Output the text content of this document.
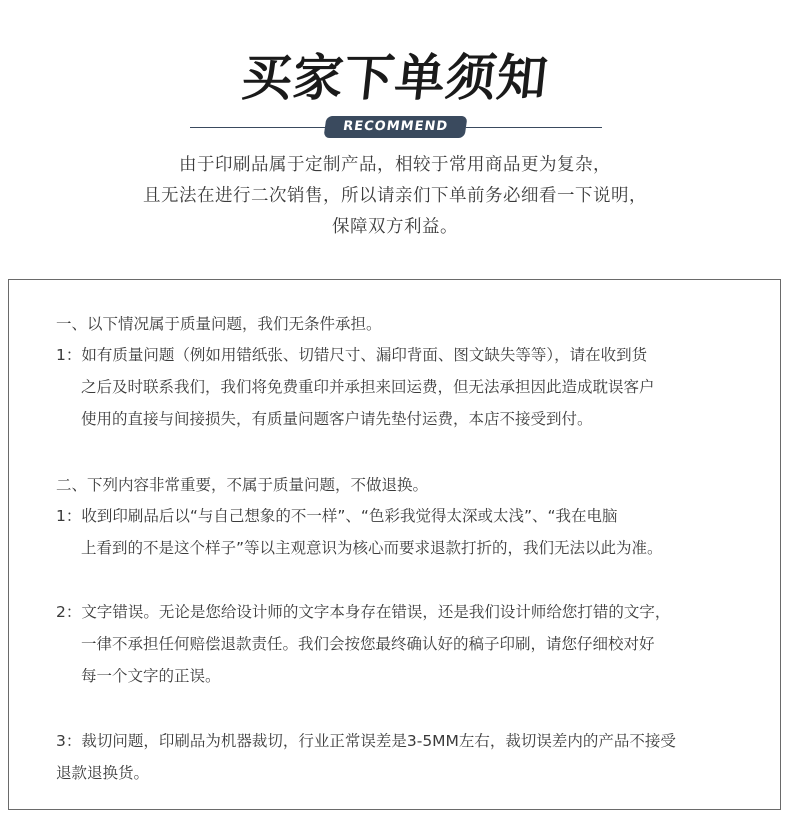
买家下单须知
RECOMMEND
由于印刷品属于定制产品，相较于常用商品更为复杂，
且无法在进行二次销售，所以请亲们下单前务必细看一下说明，
保障双方利益。
一、以下情况属于质量问题，我们无条件承担。
1：如有质量问题（例如用错纸张、切错尺寸、漏印背面、图文缺失等等），请在收到货
之后及时联系我们，我们将免费重印并承担来回运费，但无法承担因此造成耽误客户
使用的直接与间接损失，有质量问题客户请先垫付运费，本店不接受到付。
二、下列内容非常重要，不属于质量问题，不做退换。
1：收到印刷品后以“与自己想象的不一样”、“色彩我觉得太深或太浅”、“我在电脑
上看到的不是这个样子”等以主观意识为核心而要求退款打折的，我们无法以此为准。
2：文字错误。无论是您给设计师的文字本身存在错误，还是我们设计师给您打错的文字，
一律不承担任何赔偿退款责任。我们会按您最终确认好的稿子印刷，请您仔细校对好
每一个文字的正误。
3：裁切问题，印刷品为机器裁切，行业正常误差是3-5MM左右，裁切误差内的产品不接受
退款退换货。
